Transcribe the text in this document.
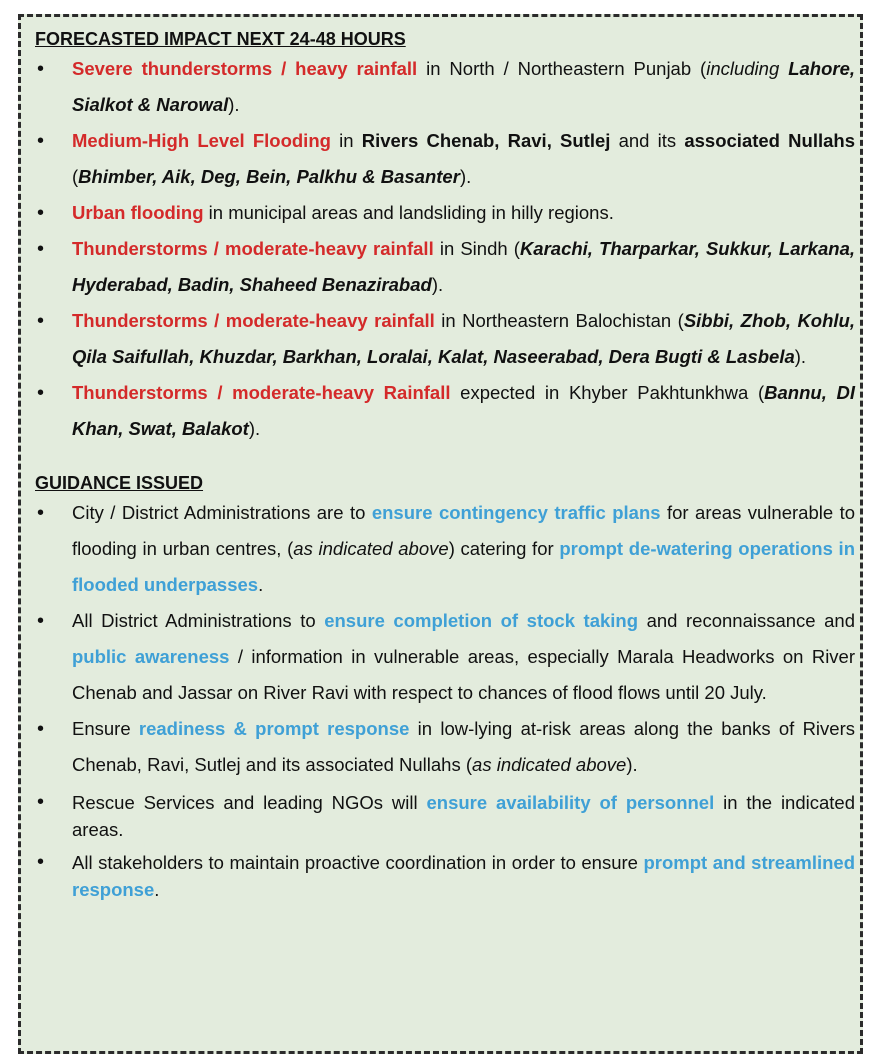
FORECASTED IMPACT NEXT 24-48 HOURS

• Severe thunderstorms / heavy rainfall in North / Northeastern Punjab (including Lahore, Sialkot & Narowal).
• Medium-High Level Flooding in Rivers Chenab, Ravi, Sutlej and its associated Nullahs (Bhimber, Aik, Deg, Bein, Palkhu & Basanter).
• Urban flooding in municipal areas and landsliding in hilly regions.
• Thunderstorms / moderate-heavy rainfall in Sindh (Karachi, Tharparkar, Sukkur, Larkana, Hyderabad, Badin, Shaheed Benazirabad).
• Thunderstorms / moderate-heavy rainfall in Northeastern Balochistan (Sibbi, Zhob, Kohlu, Qila Saifullah, Khuzdar, Barkhan, Loralai, Kalat, Naseerabad, Dera Bugti & Lasbela).
• Thunderstorms / moderate-heavy Rainfall expected in Khyber Pakhtunkhwa (Bannu, DI Khan, Swat, Balakot).

GUIDANCE ISSUED

• City / District Administrations are to ensure contingency traffic plans for areas vulnerable to flooding in urban centres, (as indicated above) catering for prompt de-watering operations in flooded underpasses.
• All District Administrations to ensure completion of stock taking and reconnaissance and public awareness / information in vulnerable areas, especially Marala Headworks on River Chenab and Jassar on River Ravi with respect to chances of flood flows until 20 July.
• Ensure readiness & prompt response in low-lying at-risk areas along the banks of Rivers Chenab, Ravi, Sutlej and its associated Nullahs (as indicated above).
• Rescue Services and leading NGOs will ensure availability of personnel in the indicated areas.
• All stakeholders to maintain proactive coordination in order to ensure prompt and streamlined response.
